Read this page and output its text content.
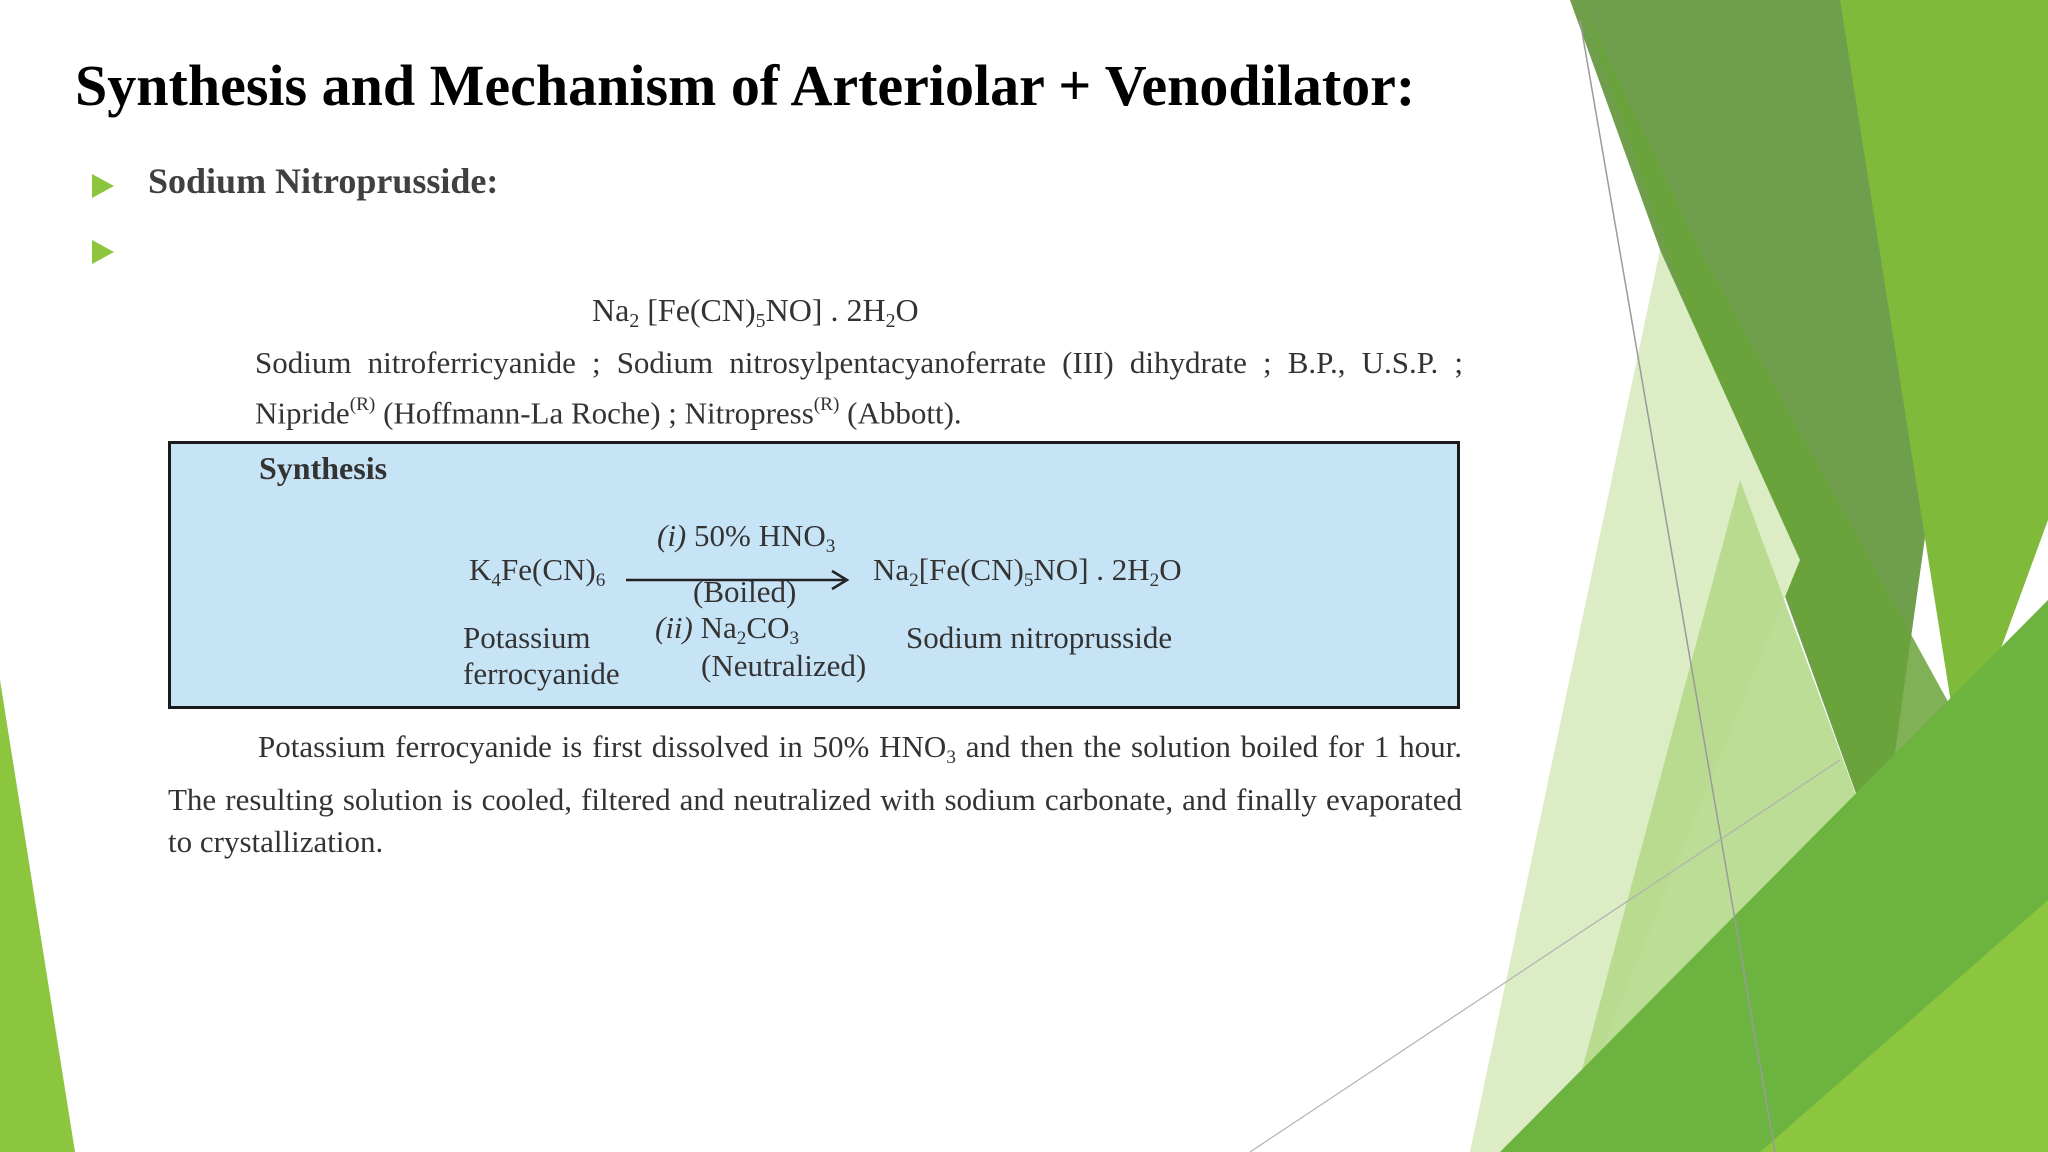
Synthesis and Mechanism of Arteriolar + Venodilator:
Sodium Nitroprusside:
$Na_2$ $[Fe(CN)_5NO]$ . $2H_2O$
Sodium nitroferricyanide ; Sodium nitrosylpentacyanoferrate (III) dihydrate ; B.P., U.S.P. ; Nipride$^{(R)}$ (Hoffmann-La Roche) ; Nitropress$^{(R)}$ (Abbott).
Synthesis
$K_4Fe(CN)_6$
Potassium
ferrocyanide
(i) 50% $HNO_3$
(Boiled)
(ii) $Na_2CO_3$
(Neutralized)
$Na_2[Fe(CN)_5NO]$ . $2H_2O$
Sodium nitroprusside
Potassium ferrocyanide is first dissolved in 50% $HNO_3$ and then the solution boiled for 1 hour. The resulting solution is cooled, filtered and neutralized with sodium carbonate, and finally evaporated to crystallization.
